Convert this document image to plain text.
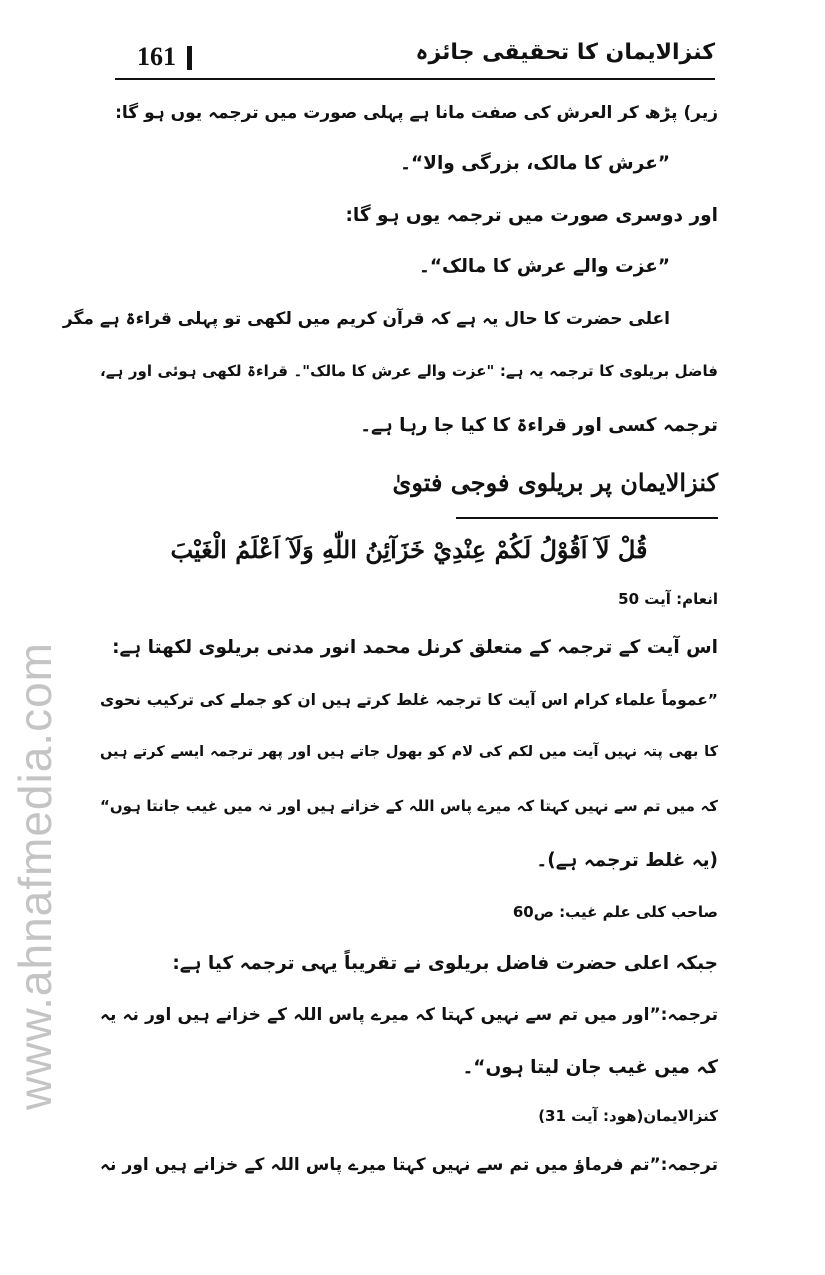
www.ahnafmedia.com
161	کنزالایمان کا تحقیقی جائزہ
زیر) پڑھ کر العرش کی صفت مانا ہے پہلی صورت میں ترجمہ یوں ہو گا:
”عرش کا مالک، بزرگی والا“۔
اور دوسری صورت میں ترجمہ یوں ہو گا:
”عزت والے عرش کا مالک“۔
اعلی حضرت کا حال یہ ہے کہ قرآن کریم میں لکھی تو پہلی قراءۃ ہے مگر
فاضل بریلوی کا ترجمہ یہ ہے: "عزت والے عرش کا مالک"۔ قراءۃ لکھی ہوئی اور ہے،
ترجمہ کسی اور قراءۃ کا کیا جا رہا ہے۔
کنزالایمان پر بریلوی فوجی فتویٰ
قُلْ لَآ اَقُوْلُ لَكُمْ عِنْدِيْ خَزَآئِنُ اللّٰهِ وَلَآ اَعْلَمُ الْغَيْبَ
انعام: آیت 50
اس آیت کے ترجمہ کے متعلق کرنل محمد انور مدنی بریلوی لکھتا ہے:
”عموماً علماء کرام اس آیت کا ترجمہ غلط کرتے ہیں ان کو جملے کی ترکیب نحوی
کا بھی پتہ نہیں آیت میں لکم کی لام کو بھول جاتے ہیں اور پھر ترجمہ ایسے کرتے ہیں
کہ میں تم سے نہیں کہتا کہ میرے پاس اللہ کے خزانے ہیں اور نہ میں غیب جانتا ہوں“
(یہ غلط ترجمہ ہے)۔
صاحب کلی علم غیب: ص60
جبکہ اعلی حضرت فاضل بریلوی نے تقریباً یہی ترجمہ کیا ہے:
ترجمہ:”اور میں تم سے نہیں کہتا کہ میرے پاس اللہ کے خزانے ہیں اور نہ یہ
کہ میں غیب جان لیتا ہوں“۔
کنزالایمان(ھود: آیت 31)
ترجمہ:”تم فرماؤ میں تم سے نہیں کہتا میرے پاس اللہ کے خزانے ہیں اور نہ
